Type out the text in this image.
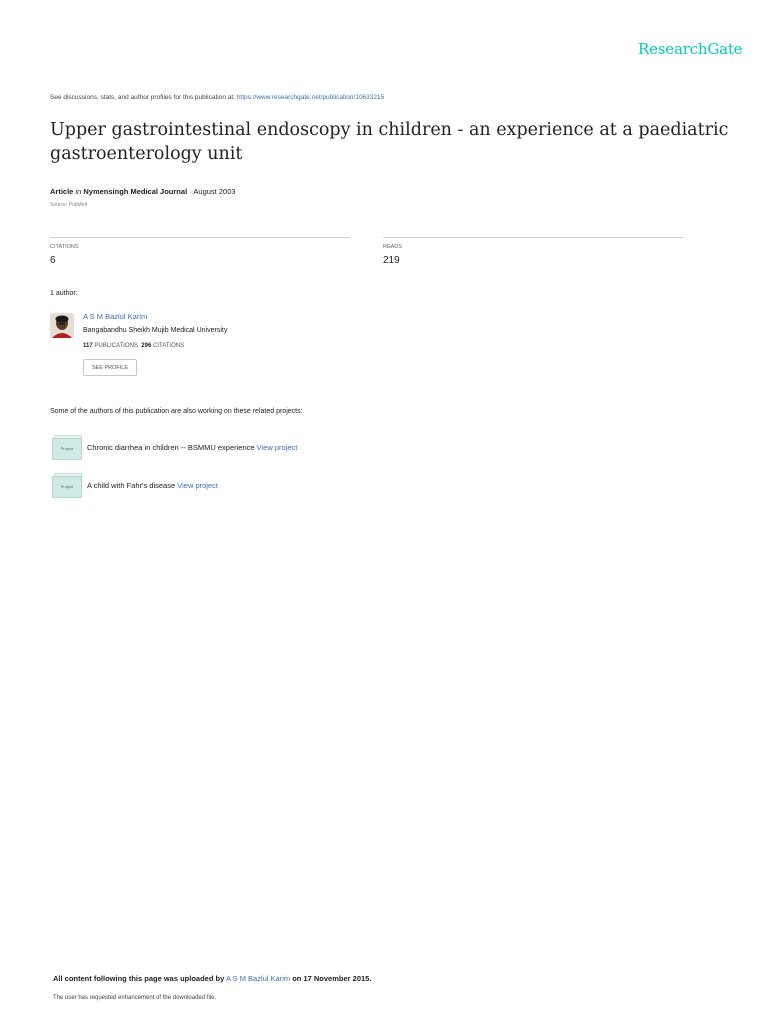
ResearchGate
See discussions, stats, and author profiles for this publication at: https://www.researchgate.net/publication/10633215
Upper gastrointestinal endoscopy in children - an experience at a paediatric gastroenterology unit
Article in Nymensingh Medical Journal · August 2003
Source: PubMed
CITATIONS
6
READS
219
1 author:
A S M Bazlul Karim
Bangabandhu Sheikh Mujib Medical University
117 PUBLICATIONS 296 CITATIONS
SEE PROFILE
Some of the authors of this publication are also working on these related projects:
Project	Chronic diarrhea in children -- BSMMU experience View project
Project	A child with Fahr's disease View project
All content following this page was uploaded by A S M Bazlul Karim on 17 November 2015.
The user has requested enhancement of the downloaded file.
